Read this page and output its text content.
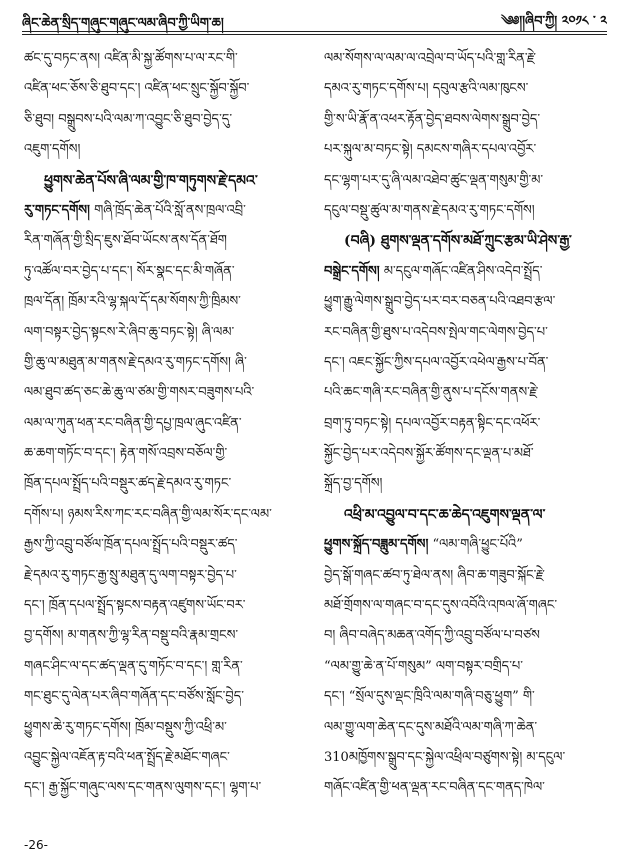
ཞིང་ཆེན་སྲིད་གཞུང་གཞུང་ལམ་ཞིབ་ཀྱི་ཡིག་ཆ།	༄༅།།ཞིབ་ཀྱི། ༢༠༡༨ ་ ༢
ཚང་དུ་བཏང་ནས། འཛིན་མི་སྐྱ་ཚོགས་པ་ལ་རང་གི་
འཛིན་ཕང་ཅོས་ཅི་ཐུབ་དང་། འཛིན་ཕང་སྲུང་སྐྱོབ་སྐྱོབ་
ཅི་ཐུབ། བསྒྲུབས་པའི་ལམ་ཀ་འབྱུང་ཅི་ཐུབ་བྱེད་དུ་
འཇུག་དགོས།
ཕྱུགས་ཆེན་པོས་ཞི་ལམ་གྱི་ཁ་གཏུགས་རྗེ་དམའ་
རུ་གཏང་དགོས། གཞི་ཁྲོད་ཆེན་པོའི་སློ་ནས་ཁྲལ་འབྲི་
རིན་གཞོན་གྱི་སྲིད་ཇུས་ཐོབ་ཡོངས་ནས་དོན་ཐོག
ཏུ་འཚོལ་བར་བྱེད་པ་དང་། སོར་སྣང་དང་མི་གཞོན་
ཁྲལ་དོན། ཁྲོམ་རའི་ལྷ་སྐལ་དོ་དམ་སོགས་ཀྱི་ཁྲིམས་
ལག་བསྟར་བྱེད་སྟངས་རེ་ཞིབ་ཆུ་བཏང་སྟེ། ཞི་ལམ་
གྱི་ཆུ་ལ་མཐུན་མ་གནས་རྗེ་དམའ་རུ་གཏང་དགོས། ཞི་
ལམ་ཐུབ་ཚད་ཅང་ཆེ་ཆུ་ལ་ཙམ་གྱི་གསར་བཟུགས་པའི་
ལམ་ལ་ཀུན་ཕན་རང་བཞིན་གྱི་དཔྱ་ཁྲལ་ཞུང་འཛིན་
ཆ་ཆག་གཏོང་བ་དང་། རྟེན་གསོ་འབྲས་བཅོལ་གྱི་
ཁྲོན་དཔལ་སྤྲོད་པའི་བསྡུར་ཚད་རྗེ་དམའ་རུ་གཏང་
དགོས་པ། ཉམས་རིས་ཀང་རང་བཞིན་གྱི་ལམ་སོར་དང་ལམ་
རྒྱས་ཀྱི་འབྲུ་བཙོལ་ཁྲོན་དཔལ་སྤྲོད་པའི་བསྡུར་ཚད་
རྗེ་དམའ་རུ་གཏང་རྒྱ་སྲུ་མཐུན་དུ་ལག་བསྟར་བྱེད་པ་
དང་། ཁྲོན་དཔལ་སྤྲོད་སྟངས་བརྟན་འཛུགས་ཡོང་བར་
བྱ་དགོས། མ་གནས་ཀྱི་ལྷ་རིན་བསྡུ་བའི་རྣམ་གྲངས་
གཞང་ཤིང་ལ་དང་ཚད་ལྡན་དུ་གཏོང་བ་དང་། གླ་རིན་
གང་ཐུང་དུ་ལེན་པར་ཞིབ་གཞོན་དང་བཙོས་སློང་བྱེད་
ཕྱུགས་ཆེ་རུ་གཏང་དགོས། ཁྲོམ་བསྡུས་ཀྱི་འཕྲི་མ་
འབྱུང་སྐྱེལ་འཇོན་རྟ་བའི་ཕན་སྤྲོད་རྗེ་མཐོང་གཞང་
དང་། རྒྱ་སྐྱོང་གཞུང་ལས་དང་གནས་ལུགས་དང་། ལྷག་པ་
ལམ་སོགས་ལ་ལམ་ལ་འབྲེལ་བ་ཡོད་པའི་གླ་རིན་རྗེ་
དམའ་རུ་གཏང་དགོས་པ། དབུལ་རྩའི་ལམ་ཁུངས་
གྱི་ས་ཡི་རྣོ་ན་འཕར་རྟོན་བྱེད་ཐབས་ལེགས་སྒྲུབ་བྱེད་
པར་སྐུལ་མ་བཏང་སྟེ། དམངས་གཞིར་དཔལ་འབྱོར་
དང་ལྷག་པར་དུ་ཞི་ལམ་འཐེབ་ཚུང་ལྡན་གསུམ་གྱི་མ་
དངུལ་བསྡུ་ཚུལ་མ་གནས་རྗེ་དམའ་རུ་གཏང་དགོས།
(བཞི) ཐུགས་ལྡན་དགོས་མཐོ་ཀྲུང་རྩམ་ཡི་ཤེས་རྒྱ་
བསྒྲེང་དགོས། མ་དངུལ་གཞོང་འཛིན་ཤིས་འདེབ་སྤྲོད་
ཕྱུག་རྒྱུ་ལེགས་སྒྲུབ་བྱེད་པར་བར་བཅན་པའི་འཐབ་རྩལ་
རང་བཞིན་གྱི་ཐུས་པ་འདེབས་སྤེལ་གང་ལེགས་བྱེད་པ་
དང་། འཇང་སྐྱོང་ཀྱིས་དཔལ་འབྱོར་འཕེལ་རྒྱས་པ་བོན་
པའི་ཆང་གཞི་རང་བཞིན་གྱི་ནུས་པ་དངོས་གནས་རྗེ་
བྲག་ཏུ་བཏང་སྟེ། དཔལ་འབྱོར་བརྟན་སྟིང་དང་འཕོར་
སྐྱོང་བྱེད་པར་འདེབས་སྐྱོར་ཚོགས་དང་ལྡན་པ་མཐོ་
སྐྲོད་བྱ་དགོས།
འཕྲི་མ་འབྱུལ་བ་དང་ཆ་ཆེད་འཇུགས་ལྡན་ལ་
ཕྱུགས་སྐྲོད་བཟླུམ་དགོས། “ལམ་གཞི་ཕྱུང་པོའི”
བྱེད་སྒོ་གཞང་ཚབ་ཏུ་ཐེལ་ནས། ཞིབ་ཆ་གཟུབ་སྐོང་རྗེ་
མཐོ་གྲོགས་ལ་གཞང་བ་དང་དུས་འབོའི་འཁལ་ཞོ་གཞང་
བ། ཞིབ་བཞེད་མཆན་འགོད་ཀྱི་འབྲུ་བཙོལ་པ་བཙས
“ལམ་གྱུ་ཆེ་ན་པོ་གསུམ” ལག་བསྟར་བགྲིད་པ་
དང་། “སྲོལ་དུས་ལྡང་ཁྲིའི་ལམ་གཞི་བཅུ་ཕྱུག” གི་
ལམ་གྱུ་ལག་ཆེན་དང་དུས་མཐོའི་ལམ་གཞི་ཀ་ཆེན་
310མཁྱོགས་སྒྲུབ་དང་སྐྱེལ་འཕྲིལ་བཙུགས་སྟེ། མ་དངུལ་
གཞོང་འཛིན་གྱི་ཕན་ལྡན་རང་བཞིན་དང་གནད་ཁེལ་
-26-
